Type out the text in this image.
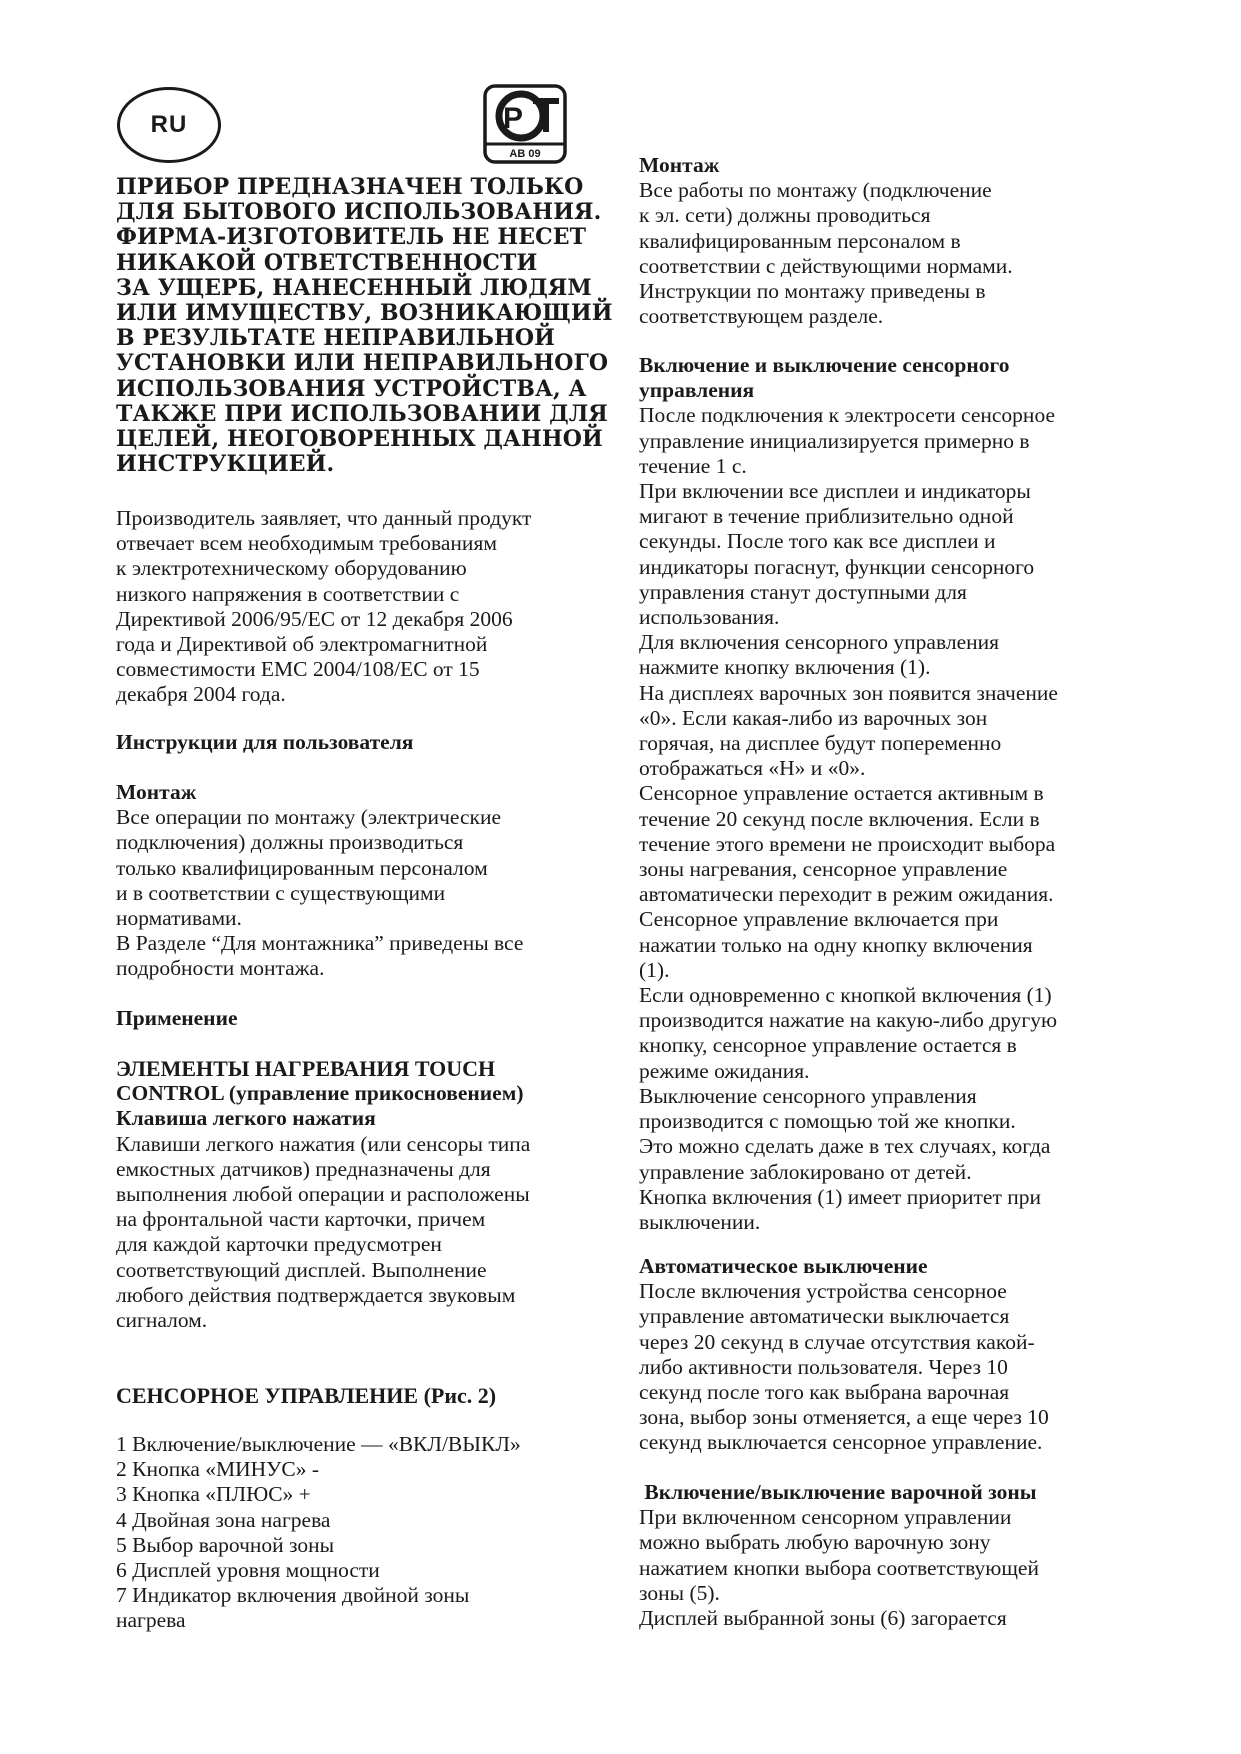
RU	P
AB 09

ПРИБОР ПРЕДНАЗНАЧЕН ТОЛЬКО
ДЛЯ БЫТОВОГО ИСПОЛЬЗОВАНИЯ.
ФИРМА-ИЗГОТОВИТЕЛЬ НЕ НЕСЕТ
НИКАКОЙ ОТВЕТСТВЕННОСТИ
ЗА УЩЕРБ, НАНЕСЕННЫЙ ЛЮДЯМ
ИЛИ ИМУЩЕСТВУ, ВОЗНИКАЮЩИЙ
В РЕЗУЛЬТАТЕ НЕПРАВИЛЬНОЙ
УСТАНОВКИ ИЛИ НЕПРАВИЛЬНОГО
ИСПОЛЬЗОВАНИЯ УСТРОЙСТВА, А
ТАКЖЕ ПРИ ИСПОЛЬЗОВАНИИ ДЛЯ
ЦЕЛЕЙ, НЕОГОВОРЕННЫХ ДАННОЙ
ИНСТРУКЦИЕЙ.

Производитель заявляет, что данный продукт
отвечает всем необходимым требованиям
к электротехническому оборудованию
низкого напряжения в соответствии с
Директивой 2006/95/ЕС от 12 декабря 2006
года и Директивой об электромагнитной
совместимости ЕМС 2004/108/ЕС от 15
декабря 2004 года.

Инструкции для пользователя

Монтаж

Все операции по монтажу (электрические
подключения) должны производиться
только квалифицированным персоналом
и в соответствии с существующими
нормативами.
В Разделе “Для монтажника” приведены все
подробности монтажа.

Применение

ЭЛЕМЕНТЫ НАГРЕВАНИЯ TOUCH

CONTROL (управление прикосновением)

Клавиша легкого нажатия

Клавиши легкого нажатия (или сенсоры типа
емкостных датчиков) предназначены для
выполнения любой операции и расположены
на фронтальной части карточки, причем
для каждой карточки предусмотрен
соответствующий дисплей. Выполнение
любого действия подтверждается звуковым
сигналом.

СЕНСОРНОЕ УПРАВЛЕНИЕ (Рис. 2)

1 Включение/выключение — «ВКЛ/ВЫКЛ»

2 Кнопка «МИНУС» -

3 Кнопка «ПЛЮС» +

4 Двойная зона нагрева

5 Выбор варочной зоны

6 Дисплей уровня мощности

7 Индикатор включения двойной зоны
нагрева

Монтаж

Все работы по монтажу (подключение
к эл. сети) должны проводиться
квалифицированным персоналом в
соответствии с действующими нормами.
Инструкции по монтажу приведены в
соответствующем разделе.

Включение и выключение сенсорного
управления

После подключения к электросети сенсорное
управление инициализируется примерно в
течение 1 с.
При включении все дисплеи и индикаторы
мигают в течение приблизительно одной
секунды. После того как все дисплеи и
индикаторы погаснут, функции сенсорного
управления станут доступными для
использования.
Для включения сенсорного управления
нажмите кнопку включения (1).
На дисплеях варочных зон появится значение
«0». Если какая-либо из варочных зон
горячая, на дисплее будут попеременно
отображаться «Н» и «0».
Сенсорное управление остается активным в
течение 20 секунд после включения. Если в
течение этого времени не происходит выбора
зоны нагревания, сенсорное управление
автоматически переходит в режим ожидания.
Сенсорное управление включается при
нажатии только на одну кнопку включения
(1).
Если одновременно с кнопкой включения (1)
производится нажатие на какую-либо другую
кнопку, сенсорное управление остается в
режиме ожидания.
Выключение сенсорного управления
производится с помощью той же кнопки.
Это можно сделать даже в тех случаях, когда
управление заблокировано от детей.
Кнопка включения (1) имеет приоритет при
выключении.

Автоматическое выключение

После включения устройства сенсорное
управление автоматически выключается
через 20 секунд в случае отсутствия какой-
либо активности пользователя. Через 10
секунд после того как выбрана варочная
зона, выбор зоны отменяется, а еще через 10
секунд выключается сенсорное управление.

Включение/выключение варочной зоны

При включенном сенсорном управлении
можно выбрать любую варочную зону
нажатием кнопки выбора соответствующей
зоны (5).
Дисплей выбранной зоны (6) загорается
